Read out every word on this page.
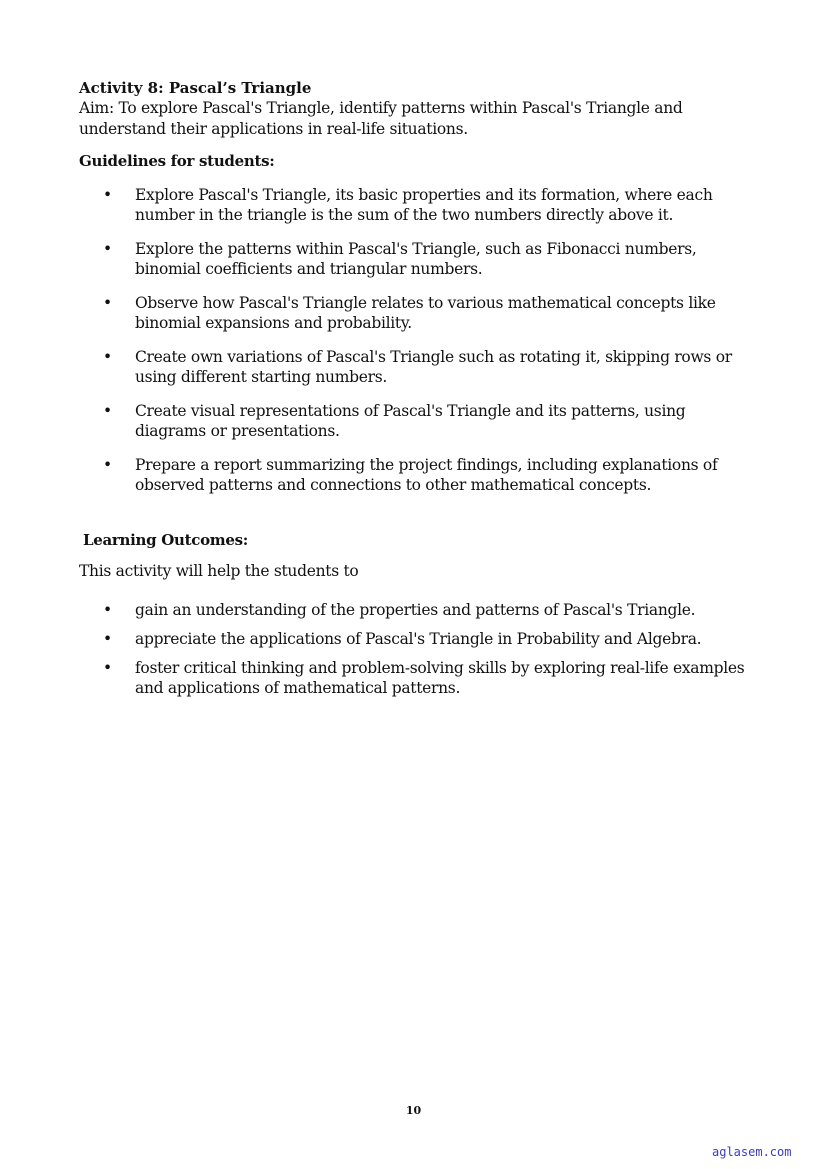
Activity 8: Pascal’s Triangle
Aim: To explore Pascal's Triangle, identify patterns within Pascal's Triangle and understand their applications in real-life situations.
Guidelines for students:
• Explore Pascal's Triangle, its basic properties and its formation, where each number in the triangle is the sum of the two numbers directly above it.
• Explore the patterns within Pascal's Triangle, such as Fibonacci numbers, binomial coefficients and triangular numbers.
• Observe how Pascal's Triangle relates to various mathematical concepts like binomial expansions and probability.
• Create own variations of Pascal's Triangle such as rotating it, skipping rows or using different starting numbers.
• Create visual representations of Pascal's Triangle and its patterns, using diagrams or presentations.
• Prepare a report summarizing the project findings, including explanations of observed patterns and connections to other mathematical concepts.
Learning Outcomes:
This activity will help the students to
• gain an understanding of the properties and patterns of Pascal's Triangle.
• appreciate the applications of Pascal's Triangle in Probability and Algebra.
• foster critical thinking and problem-solving skills by exploring real-life examples and applications of mathematical patterns.
10
aglasem.com
